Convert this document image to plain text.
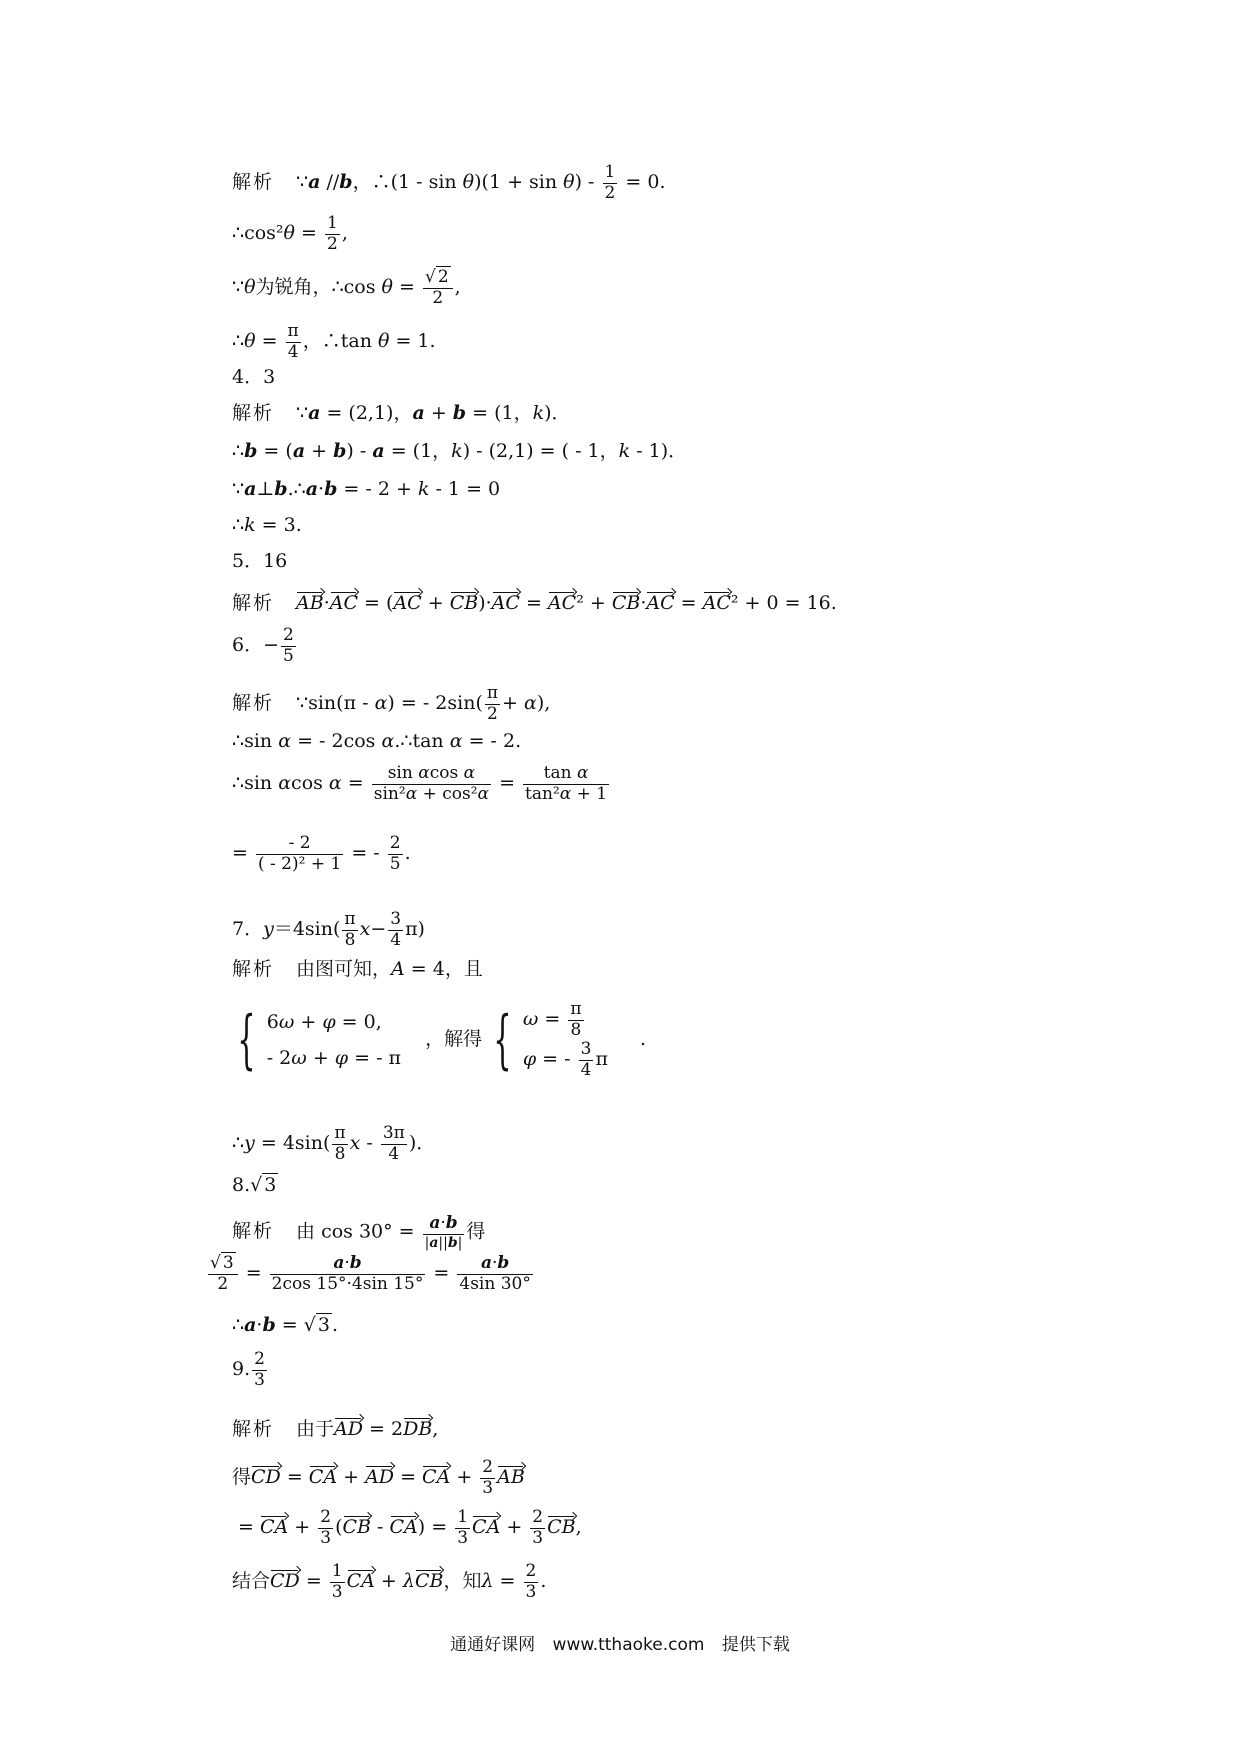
解析 ∵a //b，∴(1 - $\sin \theta)(1 + \sin \theta) - \frac{1}{2} = 0$.
∴cos²θ = $\frac{1}{2}$ ,
∵θ为锐角，∴cos $\theta = \frac{√ 2}{2}$ ,
∴θ = $\frac{\pi}{4}$ ，∴tan θ = 1.
4．3
解析 ∵a = (2,1)，a + b = (1，k)．
∴b = (a + b) - a = (1，k) - (2,1) = ( - 1，k - 1)．
∵a⊥b.∴a·b = - 2 + k - 1 = 0
∴k = 3.
5．16
解析 AB·AC = (AC + CB)·AC = AC² + CB·AC = AC² + 0 = 16.
6．− $\frac{2}{5}$
解析 ∵sin(π - α) = - $2\sin( \frac{\pi}{2} + \alpha)$,
∴sin α = - 2cos α.∴tan α = - 2.
∴sin αcos $\alpha = \frac{\text{sin αcos α}}{\text{sin²α + cos²α}} = \frac{\text{tan α}}{\text{tan²α + 1}}$
= $\frac{- 2}{\text{( - 2)² + 1}}$ = - $\frac{2}{5}$ .
7．$y=4\sin( \frac{\pi}{8} x- \frac{3}{4} \pi)$
解析 由图可知，A = 4，且
{ 6ω + φ = 0,
- 2ω + φ = - π
，解得 { $\omega = \frac{\pi}{8}$
φ = - $\frac{3}{4}$ π
.
∴y = $4\sin( \frac{\pi}{8}$ x - $\frac{3\pi}{4}$ )．
8.√ 3
解析 由 $\cos 30^\circ = \frac{a\cdot b}{|a||b|}$ 得
$\frac{√ 3}{2} = \frac{a\cdot b}{2\cos 15^\circ\cdot 4\sin 15^\circ} = \frac{a\cdot b}{4\sin 30^\circ}$
∴a·b = √ 3 .
9. $\frac{2}{3}$
解析 由于AD = 2DB,
得CD = CA + AD = CA + $\frac{2}{3}$ AB
= CA + $\frac{2}{3} (CB - CA) = \frac{1}{3}$ CA + $\frac{2}{3}$ CB,
结合CD = $\frac{1}{3}$ CA + λCB，知$\lambda = \frac{2}{3}$ .
通通好课网 www.tthaoke.com 提供下载
